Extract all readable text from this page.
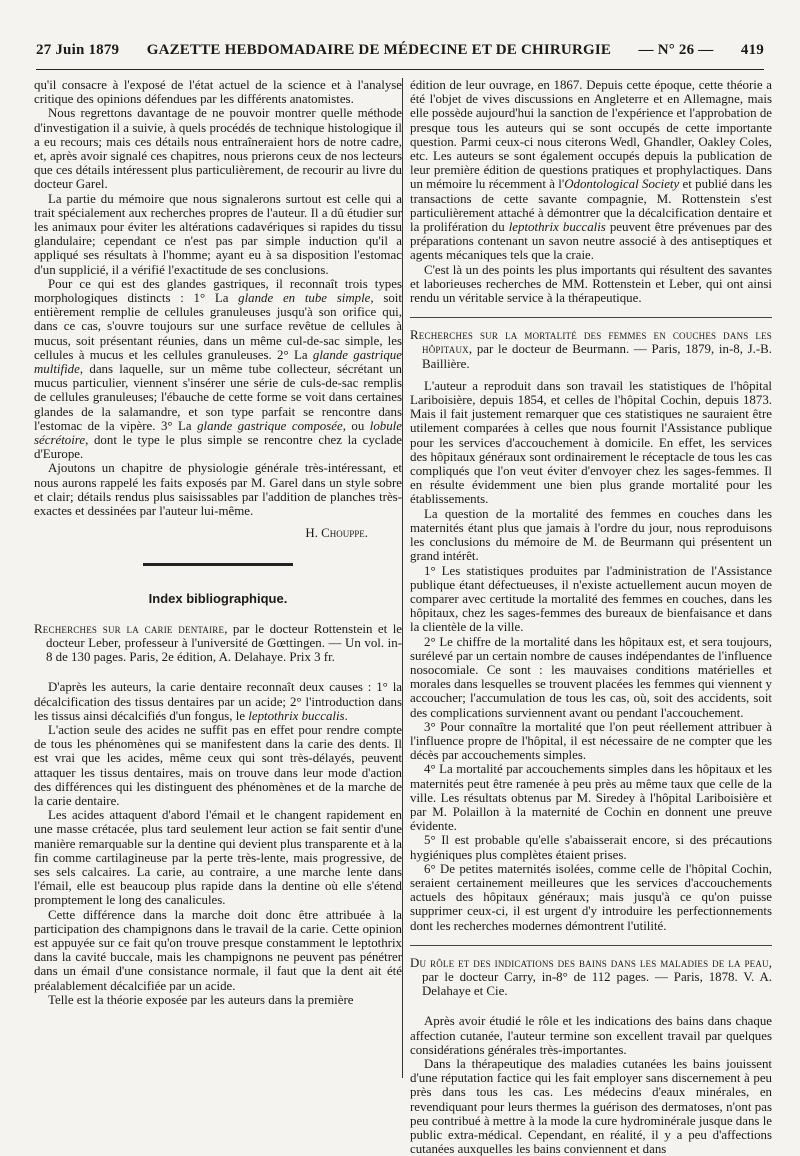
27 Juin 1879 GAZETTE HEBDOMADAIRE DE MÉDECINE ET DE CHIRURGIE — N° 26 — 419

qu'il consacre à l'exposé de l'état actuel de la science et à l'analyse critique des opinions défendues par les différents anatomistes.

Nous regrettons davantage de ne pouvoir montrer quelle méthode d'investigation il a suivie, à quels procédés de technique histologique il a eu recours; mais ces détails nous entraîneraient hors de notre cadre, et, après avoir signalé ces chapitres, nous prierons ceux de nos lecteurs que ces détails intéressent plus particulièrement, de recourir au livre du docteur Garel.

La partie du mémoire que nous signalerons surtout est celle qui a trait spécialement aux recherches propres de l'auteur. Il a dû étudier sur les animaux pour éviter les altérations cadavériques si rapides du tissu glandulaire; cependant ce n'est pas par simple induction qu'il a appliqué ses résultats à l'homme; ayant eu à sa disposition l'estomac d'un supplicié, il a vérifié l'exactitude de ses conclusions.

Pour ce qui est des glandes gastriques, il reconnaît trois types morphologiques distincts : 1° La glande en tube simple, soit entièrement remplie de cellules granuleuses jusqu'à son orifice qui, dans ce cas, s'ouvre toujours sur une surface revêtue de cellules à mucus, soit présentant réunies, dans un même cul-de-sac simple, les cellules à mucus et les cellules granuleuses. 2° La glande gastrique multifide, dans laquelle, sur un même tube collecteur, sécrétant un mucus particulier, viennent s'insérer une série de culs-de-sac remplis de cellules granuleuses; l'ébauche de cette forme se voit dans certaines glandes de la salamandre, et son type parfait se rencontre dans l'estomac de la vipère. 3° La glande gastrique composée, ou lobule sécrétoire, dont le type le plus simple se rencontre chez la cyclade d'Europe.

Ajoutons un chapitre de physiologie générale très-intéressant, et nous aurons rappelé les faits exposés par M. Garel dans un style sobre et clair; détails rendus plus saisissables par l'addition de planches très-exactes et dessinées par l'auteur lui-même.

H. Chouppe.
Index bibliographique.

Recherches sur la carie dentaire, par le docteur Rottenstein et le docteur Leber, professeur à l'université de Gœttingen. — Un vol. in-8 de 130 pages. Paris, 2e édition, A. Delahaye. Prix 3 fr.

D'après les auteurs, la carie dentaire reconnaît deux causes : 1° la décalcification des tissus dentaires par un acide; 2° l'introduction dans les tissus ainsi décalcifiés d'un fongus, le leptothrix buccalis.

L'action seule des acides ne suffit pas en effet pour rendre compte de tous les phénomènes qui se manifestent dans la carie des dents. Il est vrai que les acides, même ceux qui sont très-délayés, peuvent attaquer les tissus dentaires, mais on trouve dans leur mode d'action des différences qui les distinguent des phénomènes et de la marche de la carie dentaire.

Les acides attaquent d'abord l'émail et le changent rapidement en une masse crétacée, plus tard seulement leur action se fait sentir d'une manière remarquable sur la dentine qui devient plus transparente et à la fin comme cartilagineuse par la perte très-lente, mais progressive, de ses sels calcaires. La carie, au contraire, a une marche lente dans l'émail, elle est beaucoup plus rapide dans la dentine où elle s'étend promptement le long des canalicules.

Cette différence dans la marche doit donc être attribuée à la participation des champignons dans le travail de la carie. Cette opinion est appuyée sur ce fait qu'on trouve presque constamment le leptothrix dans la cavité buccale, mais les champignons ne peuvent pas pénétrer dans un émail d'une consistance normale, il faut que la dent ait été préalablement décalcifiée par un acide.

Telle est la théorie exposée par les auteurs dans la première

édition de leur ouvrage, en 1867. Depuis cette époque, cette théorie a été l'objet de vives discussions en Angleterre et en Allemagne, mais elle possède aujourd'hui la sanction de l'expérience et l'approbation de presque tous les auteurs qui se sont occupés de cette importante question. Parmi ceux-ci nous citerons Wedl, Ghandler, Oakley Coles, etc. Les auteurs se sont également occupés depuis la publication de leur première édition de questions pratiques et prophylactiques. Dans un mémoire lu récemment à l'Odontological Society et publié dans les transactions de cette savante compagnie, M. Rottenstein s'est particulièrement attaché à démontrer que la décalcification dentaire et la prolifération du leptothrix buccalis peuvent être prévenues par des préparations contenant un savon neutre associé à des antiseptiques et agents mécaniques tels que la craie.

C'est là un des points les plus importants qui résultent des savantes et laborieuses recherches de MM. Rottenstein et Leber, qui ont ainsi rendu un véritable service à la thérapeutique.

Recherches sur la mortalité des femmes en couches dans les hôpitaux, par le docteur de Beurmann. — Paris, 1879, in-8, J.-B. Baillière.

L'auteur a reproduit dans son travail les statistiques de l'hôpital Lariboisière, depuis 1854, et celles de l'hôpital Cochin, depuis 1873. Mais il fait justement remarquer que ces statistiques ne sauraient être utilement comparées à celles que nous fournit l'Assistance publique pour les services d'accouchement à domicile. En effet, les services des hôpitaux généraux sont ordinairement le réceptacle de tous les cas compliqués que l'on veut éviter d'envoyer chez les sages-femmes. Il en résulte évidemment une bien plus grande mortalité pour les établissements.

La question de la mortalité des femmes en couches dans les maternités étant plus que jamais à l'ordre du jour, nous reproduisons les conclusions du mémoire de M. de Beurmann qui présentent un grand intérêt.

1° Les statistiques produites par l'administration de l'Assistance publique étant défectueuses, il n'existe actuellement aucun moyen de comparer avec certitude la mortalité des femmes en couches, dans les hôpitaux, chez les sages-femmes des bureaux de bienfaisance et dans la clientèle de la ville.

2° Le chiffre de la mortalité dans les hôpitaux est, et sera toujours, surélevé par un certain nombre de causes indépendantes de l'influence nosocomiale. Ce sont : les mauvaises conditions matérielles et morales dans lesquelles se trouvent placées les femmes qui viennent y accoucher; l'accumulation de tous les cas, où, soit des accidents, soit des complications surviennent avant ou pendant l'accouchement.

3° Pour connaître la mortalité que l'on peut réellement attribuer à l'influence propre de l'hôpital, il est nécessaire de ne compter que les décès par accouchements simples.

4° La mortalité par accouchements simples dans les hôpitaux et les maternités peut être ramenée à peu près au même taux que celle de la ville. Les résultats obtenus par M. Siredey à l'hôpital Lariboisière et par M. Polaillon à la maternité de Cochin en donnent une preuve évidente.

5° Il est probable qu'elle s'abaisserait encore, si des précautions hygiéniques plus complètes étaient prises.

6° De petites maternités isolées, comme celle de l'hôpital Cochin, seraient certainement meilleures que les services d'accouchements actuels des hôpitaux généraux; mais jusqu'à ce qu'on puisse supprimer ceux-ci, il est urgent d'y introduire les perfectionnements dont les recherches modernes démontrent l'utilité.

Du rôle et des indications des bains dans les maladies de la peau, par le docteur Carry, in-8° de 112 pages. — Paris, 1878. V. A. Delahaye et Cie.

Après avoir étudié le rôle et les indications des bains dans chaque affection cutanée, l'auteur termine son excellent travail par quelques considérations générales très-importantes.

Dans la thérapeutique des maladies cutanées les bains jouissent d'une réputation factice qui les fait employer sans discernement à peu près dans tous les cas. Les médecins d'eaux minérales, en revendiquant pour leurs thermes la guérison des dermatoses, n'ont pas peu contribué à mettre à la mode la cure hydrominérale jusque dans le public extra-médical. Cependant, en réalité, il y a peu d'affections cutanées auxquelles les bains conviennent et dans
